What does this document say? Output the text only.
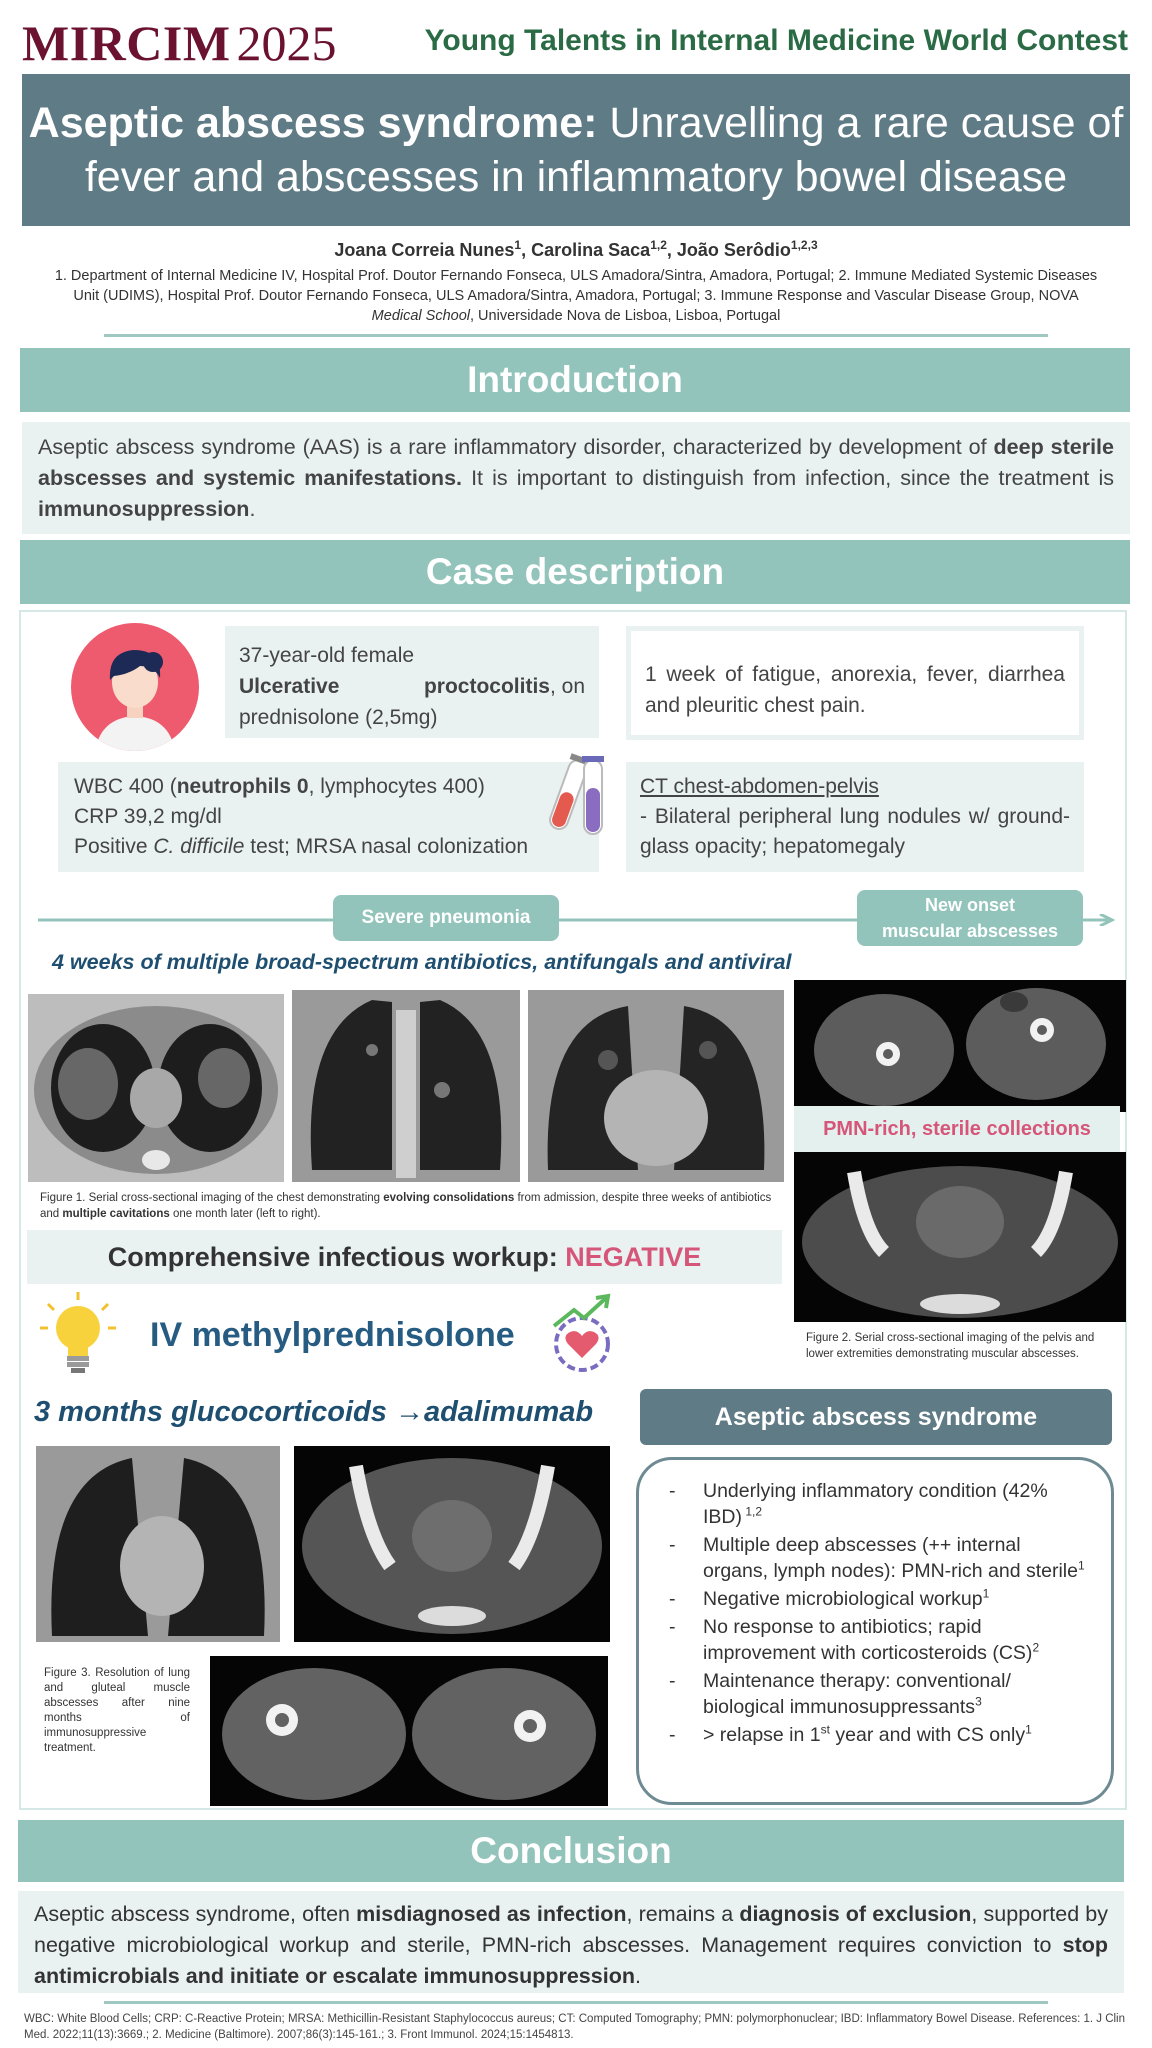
MIRCIM 2025	Young Talents in Internal Medicine World Contest
Aseptic abscess syndrome: Unravelling a rare cause of fever and abscesses in inflammatory bowel disease
Joana Correia Nunes$^1$, Carolina Saca$^{1,2}$, João Serôdio$^{1,2,3}$
1. Department of Internal Medicine IV, Hospital Prof. Doutor Fernando Fonseca, ULS Amadora/Sintra, Amadora, Portugal; 2. Immune Mediated Systemic Diseases Unit (UDIMS), Hospital Prof. Doutor Fernando Fonseca, ULS Amadora/Sintra, Amadora, Portugal; 3. Immune Response and Vascular Disease Group, NOVA Medical School, Universidade Nova de Lisboa, Lisboa, Portugal
Introduction
Aseptic abscess syndrome (AAS) is a rare inflammatory disorder, characterized by development of deep sterile abscesses and systemic manifestations. It is important to distinguish from infection, since the treatment is immunosuppression.
Case description
37-year-old female
Ulcerative	proctocolitis, on
prednisolone (2,5mg)
1 week of fatigue, anorexia, fever, diarrhea and pleuritic chest pain.
WBC 400 (neutrophils 0, lymphocytes 400)
CRP 39,2 mg/dl
Positive C. difficile test; MRSA nasal colonization
CT chest-abdomen-pelvis
- Bilateral peripheral lung nodules w/ ground-glass opacity; hepatomegaly
Severe pneumonia
New onset
muscular abscesses
4 weeks of multiple broad-spectrum antibiotics, antifungals and antiviral
Figure 1. Serial cross-sectional imaging of the chest demonstrating evolving consolidations from admission, despite three weeks of antibiotics and multiple cavitations one month later (left to right).
Comprehensive infectious workup: NEGATIVE
IV methylprednisolone
PMN-rich, sterile collections
Figure 2. Serial cross-sectional imaging of the pelvis and lower extremities demonstrating muscular abscesses.
3 months glucocorticoids →adalimumab
Figure 3. Resolution of lung and gluteal muscle abscesses after nine months of immunosuppressive treatment.
Aseptic abscess syndrome
- Underlying inflammatory condition (42% IBD) $^{1,2}$
- Multiple deep abscesses (++ internal organs, lymph nodes): PMN-rich and sterile$^1$
- Negative microbiological workup$^1$
- No response to antibiotics; rapid improvement with corticosteroids (CS)$^2$
- Maintenance therapy: conventional/ biological immunosuppressants$^3$
- > relapse in 1st year and with CS only$^1$
Conclusion
Aseptic abscess syndrome, often misdiagnosed as infection, remains a diagnosis of exclusion, supported by negative microbiological workup and sterile, PMN-rich abscesses. Management requires conviction to stop antimicrobials and initiate or escalate immunosuppression.
WBC: White Blood Cells; CRP: C-Reactive Protein; MRSA: Methicillin-Resistant Staphylococcus aureus; CT: Computed Tomography; PMN: polymorphonuclear; IBD: Inflammatory Bowel Disease. References: 1. J Clin Med. 2022;11(13):3669.; 2. Medicine (Baltimore). 2007;86(3):145-161.; 3. Front Immunol. 2024;15:1454813.
